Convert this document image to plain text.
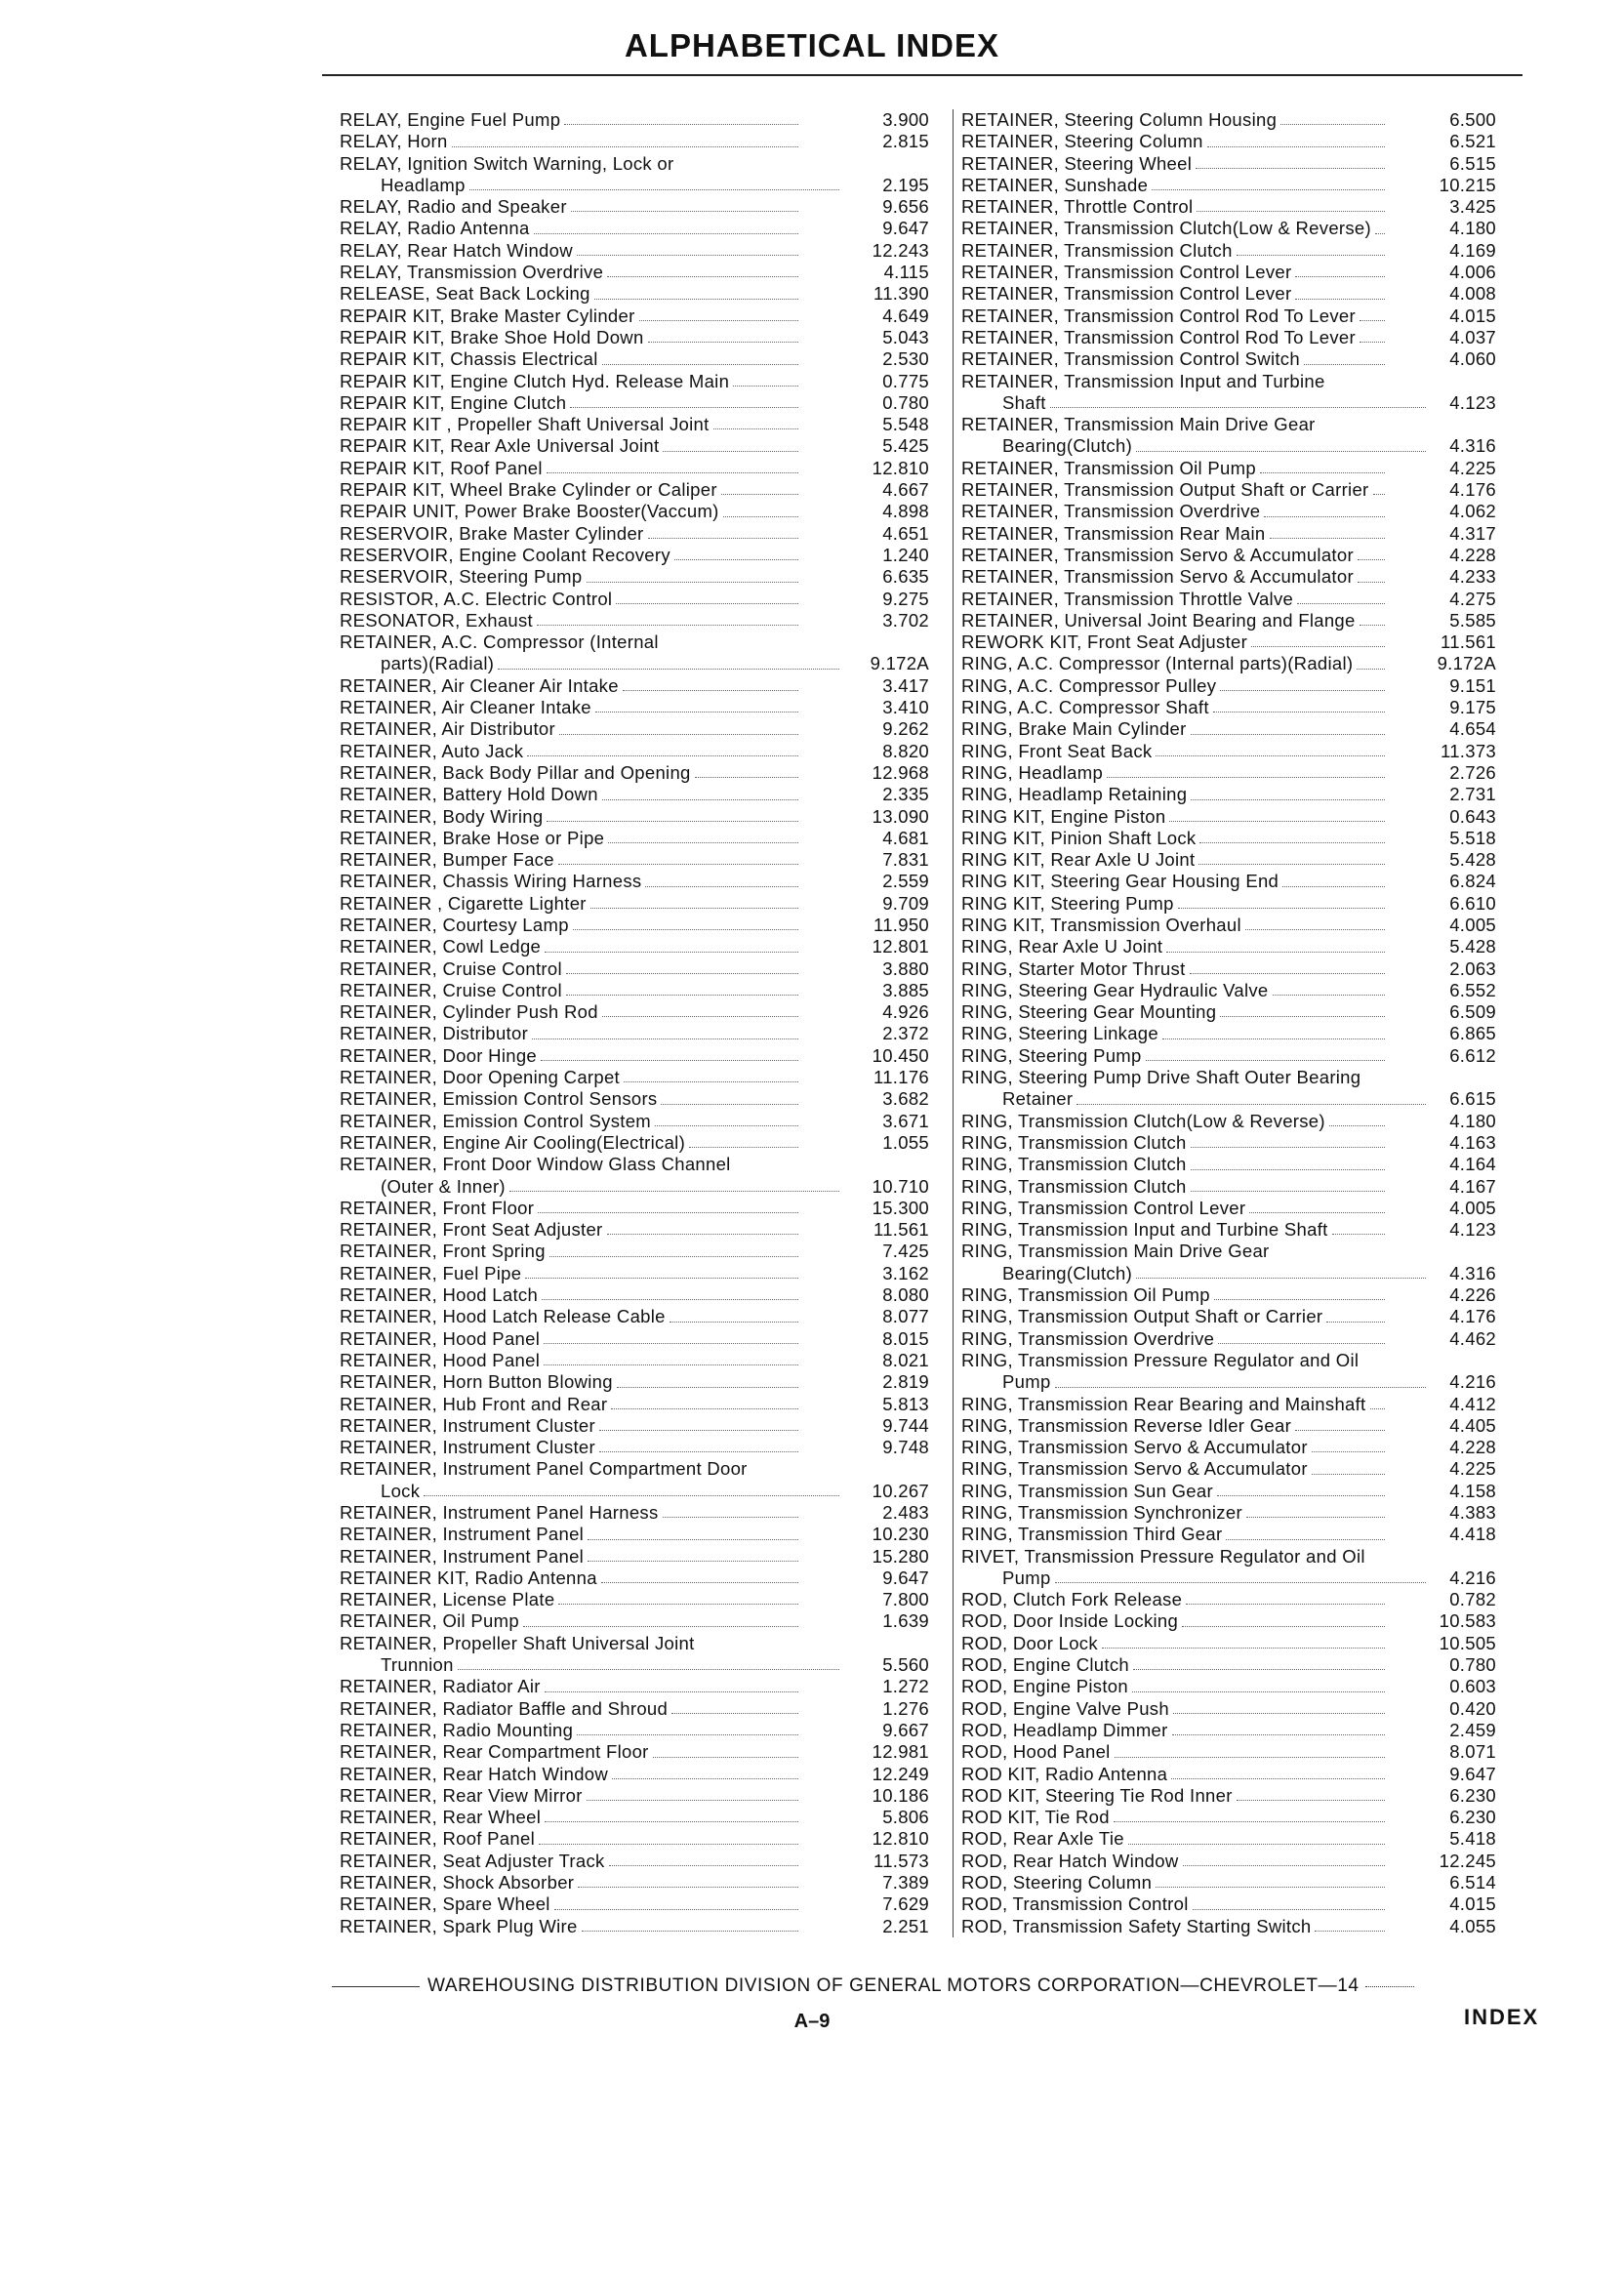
ALPHABETICAL INDEX
RELAY, Engine Fuel Pump	3.900
RELAY, Horn	2.815
RELAY, Ignition Switch Warning, Lock or
Headlamp	2.195
RELAY, Radio and Speaker	9.656
RELAY, Radio Antenna	9.647
RELAY, Rear Hatch Window	12.243
RELAY, Transmission Overdrive	4.115
RELEASE, Seat Back Locking	11.390
REPAIR KIT, Brake Master Cylinder	4.649
REPAIR KIT, Brake Shoe Hold Down	5.043
REPAIR KIT, Chassis Electrical	2.530
REPAIR KIT, Engine Clutch Hyd. Release Main	0.775
REPAIR KIT, Engine Clutch	0.780
REPAIR KIT , Propeller Shaft Universal Joint	5.548
REPAIR KIT, Rear Axle Universal Joint	5.425
REPAIR KIT, Roof Panel	12.810
REPAIR KIT, Wheel Brake Cylinder or Caliper	4.667
REPAIR UNIT, Power Brake Booster(Vaccum)	4.898
RESERVOIR, Brake Master Cylinder	4.651
RESERVOIR, Engine Coolant Recovery	1.240
RESERVOIR, Steering Pump	6.635
RESISTOR, A.C. Electric Control	9.275
RESONATOR, Exhaust	3.702
RETAINER, A.C. Compressor (Internal
parts)(Radial)	9.172A
RETAINER, Air Cleaner Air Intake	3.417
RETAINER, Air Cleaner Intake	3.410
RETAINER, Air Distributor	9.262
RETAINER, Auto Jack	8.820
RETAINER, Back Body Pillar and Opening	12.968
RETAINER, Battery Hold Down	2.335
RETAINER, Body Wiring	13.090
RETAINER, Brake Hose or Pipe	4.681
RETAINER, Bumper Face	7.831
RETAINER, Chassis Wiring Harness	2.559
RETAINER , Cigarette Lighter	9.709
RETAINER, Courtesy Lamp	11.950
RETAINER, Cowl Ledge	12.801
RETAINER, Cruise Control	3.880
RETAINER, Cruise Control	3.885
RETAINER, Cylinder Push Rod	4.926
RETAINER, Distributor	2.372
RETAINER, Door Hinge	10.450
RETAINER, Door Opening Carpet	11.176
RETAINER, Emission Control Sensors	3.682
RETAINER, Emission Control System	3.671
RETAINER, Engine Air Cooling(Electrical)	1.055
RETAINER, Front Door Window Glass Channel
(Outer & Inner)	10.710
RETAINER, Front Floor	15.300
RETAINER, Front Seat Adjuster	11.561
RETAINER, Front Spring	7.425
RETAINER, Fuel Pipe	3.162
RETAINER, Hood Latch	8.080
RETAINER, Hood Latch Release Cable	8.077
RETAINER, Hood Panel	8.015
RETAINER, Hood Panel	8.021
RETAINER, Horn Button Blowing	2.819
RETAINER, Hub Front and Rear	5.813
RETAINER, Instrument Cluster	9.744
RETAINER, Instrument Cluster	9.748
RETAINER, Instrument Panel Compartment Door
Lock	10.267
RETAINER, Instrument Panel Harness	2.483
RETAINER, Instrument Panel	10.230
RETAINER, Instrument Panel	15.280
RETAINER KIT, Radio Antenna	9.647
RETAINER, License Plate	7.800
RETAINER, Oil Pump	1.639
RETAINER, Propeller Shaft Universal Joint
Trunnion	5.560
RETAINER, Radiator Air	1.272
RETAINER, Radiator Baffle and Shroud	1.276
RETAINER, Radio Mounting	9.667
RETAINER, Rear Compartment Floor	12.981
RETAINER, Rear Hatch Window	12.249
RETAINER, Rear View Mirror	10.186
RETAINER, Rear Wheel	5.806
RETAINER, Roof Panel	12.810
RETAINER, Seat Adjuster Track	11.573
RETAINER, Shock Absorber	7.389
RETAINER, Spare Wheel	7.629
RETAINER, Spark Plug Wire	2.251
RETAINER, Steering Column Housing	6.500
RETAINER, Steering Column	6.521
RETAINER, Steering Wheel	6.515
RETAINER, Sunshade	10.215
RETAINER, Throttle Control	3.425
RETAINER, Transmission Clutch(Low & Reverse)	4.180
RETAINER, Transmission Clutch	4.169
RETAINER, Transmission Control Lever	4.006
RETAINER, Transmission Control Lever	4.008
RETAINER, Transmission Control Rod To Lever	4.015
RETAINER, Transmission Control Rod To Lever	4.037
RETAINER, Transmission Control Switch	4.060
RETAINER, Transmission Input and Turbine
Shaft	4.123
RETAINER, Transmission Main Drive Gear
Bearing(Clutch)	4.316
RETAINER, Transmission Oil Pump	4.225
RETAINER, Transmission Output Shaft or Carrier	4.176
RETAINER, Transmission Overdrive	4.062
RETAINER, Transmission Rear Main	4.317
RETAINER, Transmission Servo & Accumulator	4.228
RETAINER, Transmission Servo & Accumulator	4.233
RETAINER, Transmission Throttle Valve	4.275
RETAINER, Universal Joint Bearing and Flange	5.585
REWORK KIT, Front Seat Adjuster	11.561
RING, A.C. Compressor (Internal parts)(Radial)	9.172A
RING, A.C. Compressor Pulley	9.151
RING, A.C. Compressor Shaft	9.175
RING, Brake Main Cylinder	4.654
RING, Front Seat Back	11.373
RING, Headlamp	2.726
RING, Headlamp Retaining	2.731
RING KIT, Engine Piston	0.643
RING KIT, Pinion Shaft Lock	5.518
RING KIT, Rear Axle U Joint	5.428
RING KIT, Steering Gear Housing End	6.824
RING KIT, Steering Pump	6.610
RING KIT, Transmission Overhaul	4.005
RING, Rear Axle U Joint	5.428
RING, Starter Motor Thrust	2.063
RING, Steering Gear Hydraulic Valve	6.552
RING, Steering Gear Mounting	6.509
RING, Steering Linkage	6.865
RING, Steering Pump	6.612
RING, Steering Pump Drive Shaft Outer Bearing
Retainer	6.615
RING, Transmission Clutch(Low & Reverse)	4.180
RING, Transmission Clutch	4.163
RING, Transmission Clutch	4.164
RING, Transmission Clutch	4.167
RING, Transmission Control Lever	4.005
RING, Transmission Input and Turbine Shaft	4.123
RING, Transmission Main Drive Gear
Bearing(Clutch)	4.316
RING, Transmission Oil Pump	4.226
RING, Transmission Output Shaft or Carrier	4.176
RING, Transmission Overdrive	4.462
RING, Transmission Pressure Regulator and Oil
Pump	4.216
RING, Transmission Rear Bearing and Mainshaft	4.412
RING, Transmission Reverse Idler Gear	4.405
RING, Transmission Servo & Accumulator	4.228
RING, Transmission Servo & Accumulator	4.225
RING, Transmission Sun Gear	4.158
RING, Transmission Synchronizer	4.383
RING, Transmission Third Gear	4.418
RIVET, Transmission Pressure Regulator and Oil
Pump	4.216
ROD, Clutch Fork Release	0.782
ROD, Door Inside Locking	10.583
ROD, Door Lock	10.505
ROD, Engine Clutch	0.780
ROD, Engine Piston	0.603
ROD, Engine Valve Push	0.420
ROD, Headlamp Dimmer	2.459
ROD, Hood Panel	8.071
ROD KIT, Radio Antenna	9.647
ROD KIT, Steering Tie Rod Inner	6.230
ROD KIT, Tie Rod	6.230
ROD, Rear Axle Tie	5.418
ROD, Rear Hatch Window	12.245
ROD, Steering Column	6.514
ROD, Transmission Control	4.015
ROD, Transmission Safety Starting Switch	4.055
WAREHOUSING DISTRIBUTION DIVISION OF GENERAL MOTORS CORPORATION—CHEVROLET—14
A–9	INDEX
